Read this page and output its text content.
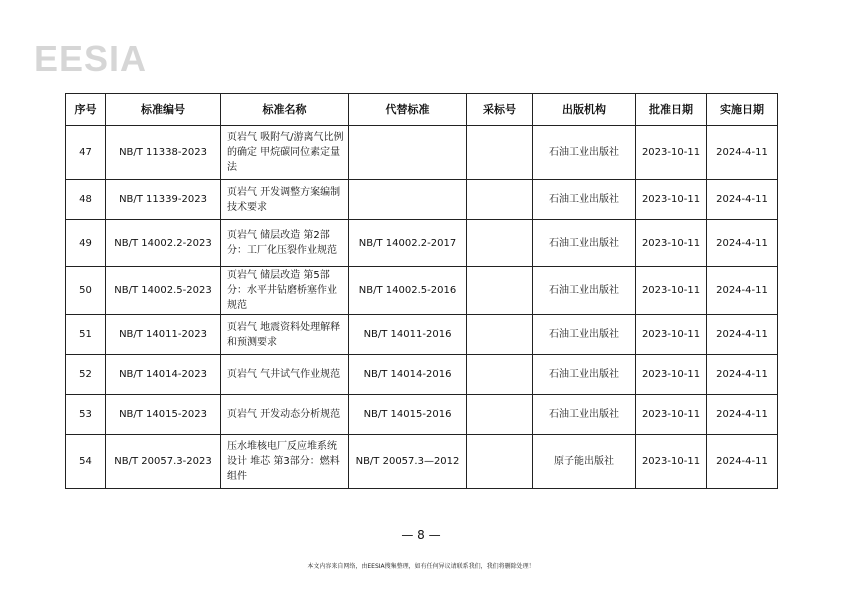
EESIA
序号	标准编号	标准名称	代替标准	采标号	出版机构	批准日期	实施日期
47	NB/T 11338-2023	页岩气 吸附气/游离气比例的确定 甲烷碳同位素定量法			石油工业出版社	2023-10-11	2024-4-11
48	NB/T 11339-2023	页岩气 开发调整方案编制技术要求			石油工业出版社	2023-10-11	2024-4-11
49	NB/T 14002.2-2023	页岩气 储层改造 第2部分：工厂化压裂作业规范	NB/T 14002.2-2017		石油工业出版社	2023-10-11	2024-4-11
50	NB/T 14002.5-2023	页岩气 储层改造 第5部分：水平井钻磨桥塞作业规范	NB/T 14002.5-2016		石油工业出版社	2023-10-11	2024-4-11
51	NB/T 14011-2023	页岩气 地震资料处理解释和预测要求	NB/T 14011-2016		石油工业出版社	2023-10-11	2024-4-11
52	NB/T 14014-2023	页岩气 气井试气作业规范	NB/T 14014-2016		石油工业出版社	2023-10-11	2024-4-11
53	NB/T 14015-2023	页岩气 开发动态分析规范	NB/T 14015-2016		石油工业出版社	2023-10-11	2024-4-11
54	NB/T 20057.3-2023	压水堆核电厂反应堆系统设计 堆芯 第3部分：燃料组件	NB/T 20057.3—2012		原子能出版社	2023-10-11	2024-4-11
— 8 —
本文内容来自网络，由EESIA搜集整理，如有任何异议请联系我们，我们将删除处理！
